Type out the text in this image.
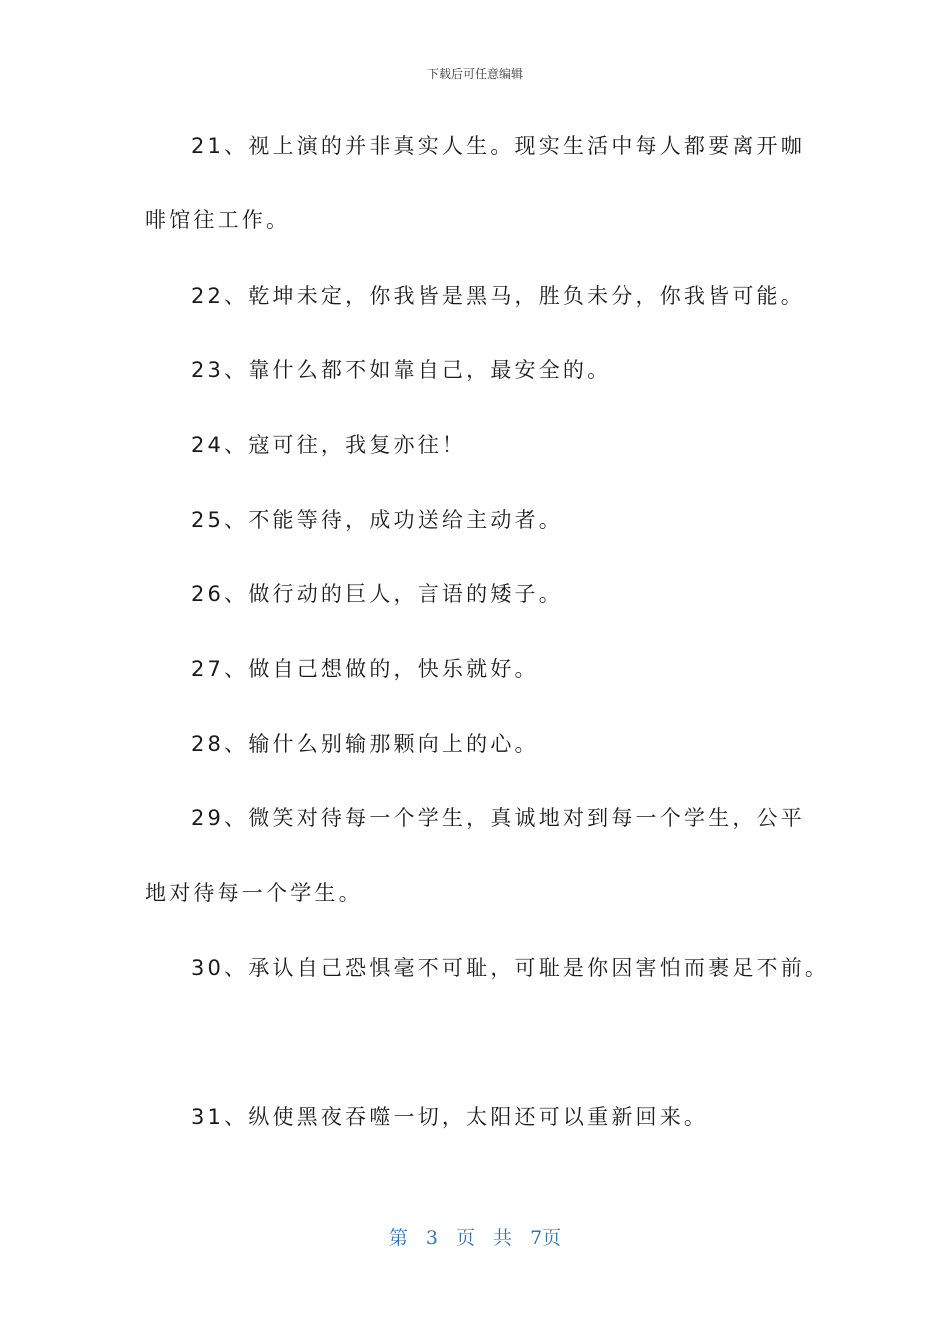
下载后可任意编辑
21、视上演的并非真实人生。现实生活中每人都要离开咖
啡馆往工作。
22、乾坤未定，你我皆是黑马，胜负未分，你我皆可能。
23、靠什么都不如靠自己，最安全的。
24、寇可往，我复亦往！
25、不能等待，成功送给主动者。
26、做行动的巨人，言语的矮子。
27、做自己想做的，快乐就好。
28、输什么别输那颗向上的心。
29、微笑对待每一个学生，真诚地对到每一个学生，公平
地对待每一个学生。
30、承认自己恐惧毫不可耻，可耻是你因害怕而裹足不前。
31、纵使黑夜吞噬一切，太阳还可以重新回来。
第 3 页 共 7页
